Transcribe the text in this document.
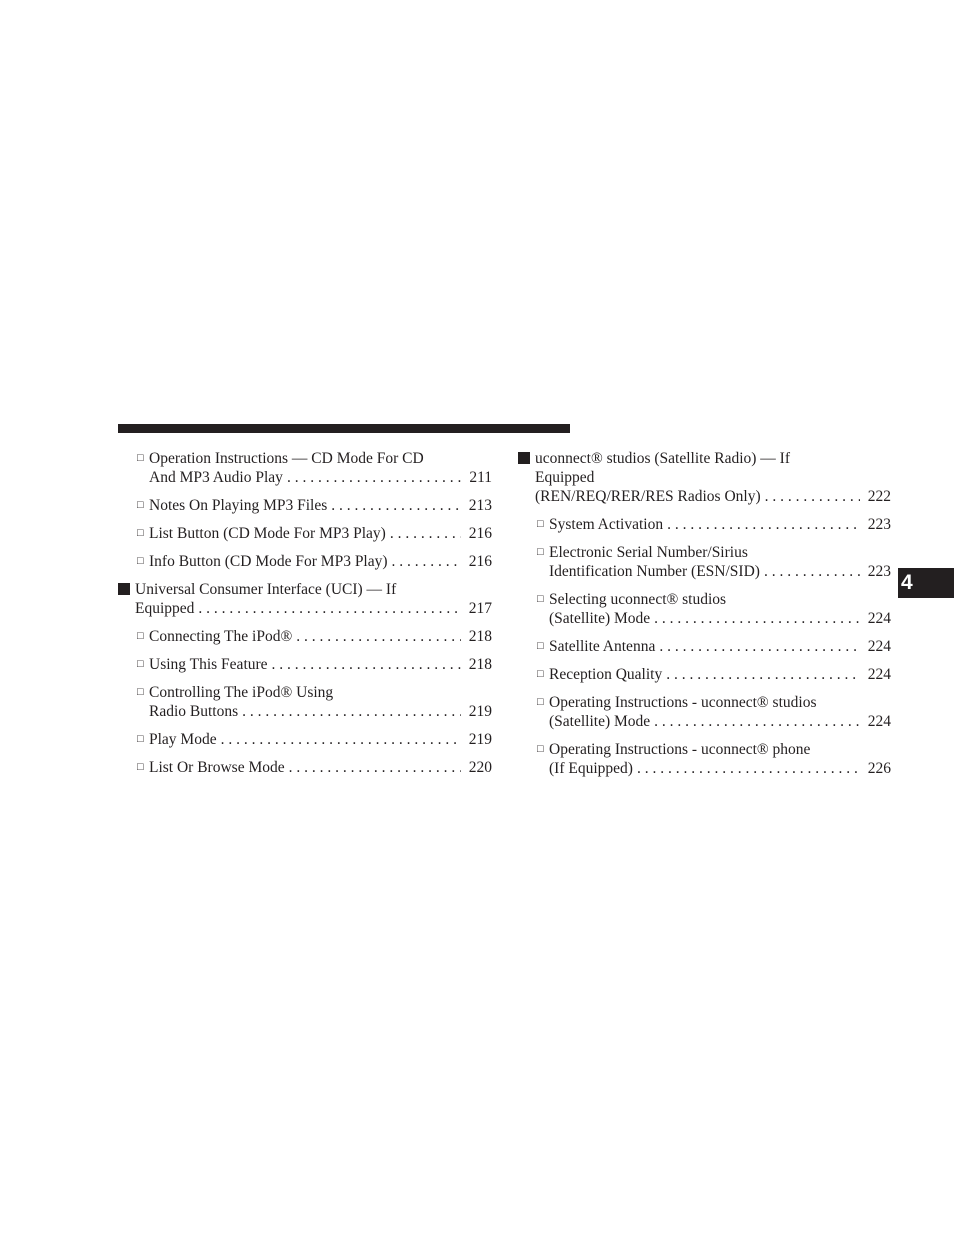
4
□ Operation Instructions — CD Mode For CD
And MP3 Audio Play . . .	211
□ Notes On Playing MP3 Files . . .	213
□ List Button (CD Mode For MP3 Play) . . .	216
□ Info Button (CD Mode For MP3 Play) . . .	216
Universal Consumer Interface (UCI) — If
Equipped . . .	217
□ Connecting The iPod® . . .	218
□ Using This Feature . . .	218
□ Controlling The iPod® Using
Radio Buttons . . .	219
□ Play Mode . . .	219
□ List Or Browse Mode . . .	220
uconnect® studios (Satellite Radio) — If
Equipped
(REN/REQ/RER/RES Radios Only) . . .	222
□ System Activation . . .	223
□ Electronic Serial Number/Sirius
Identification Number (ESN/SID) . . .	223
□ Selecting uconnect® studios
(Satellite) Mode . . .	224
□ Satellite Antenna . . .	224
□ Reception Quality . . .	224
□ Operating Instructions - uconnect® studios
(Satellite) Mode . . .	224
□ Operating Instructions - uconnect® phone
(If Equipped) . . .	226
